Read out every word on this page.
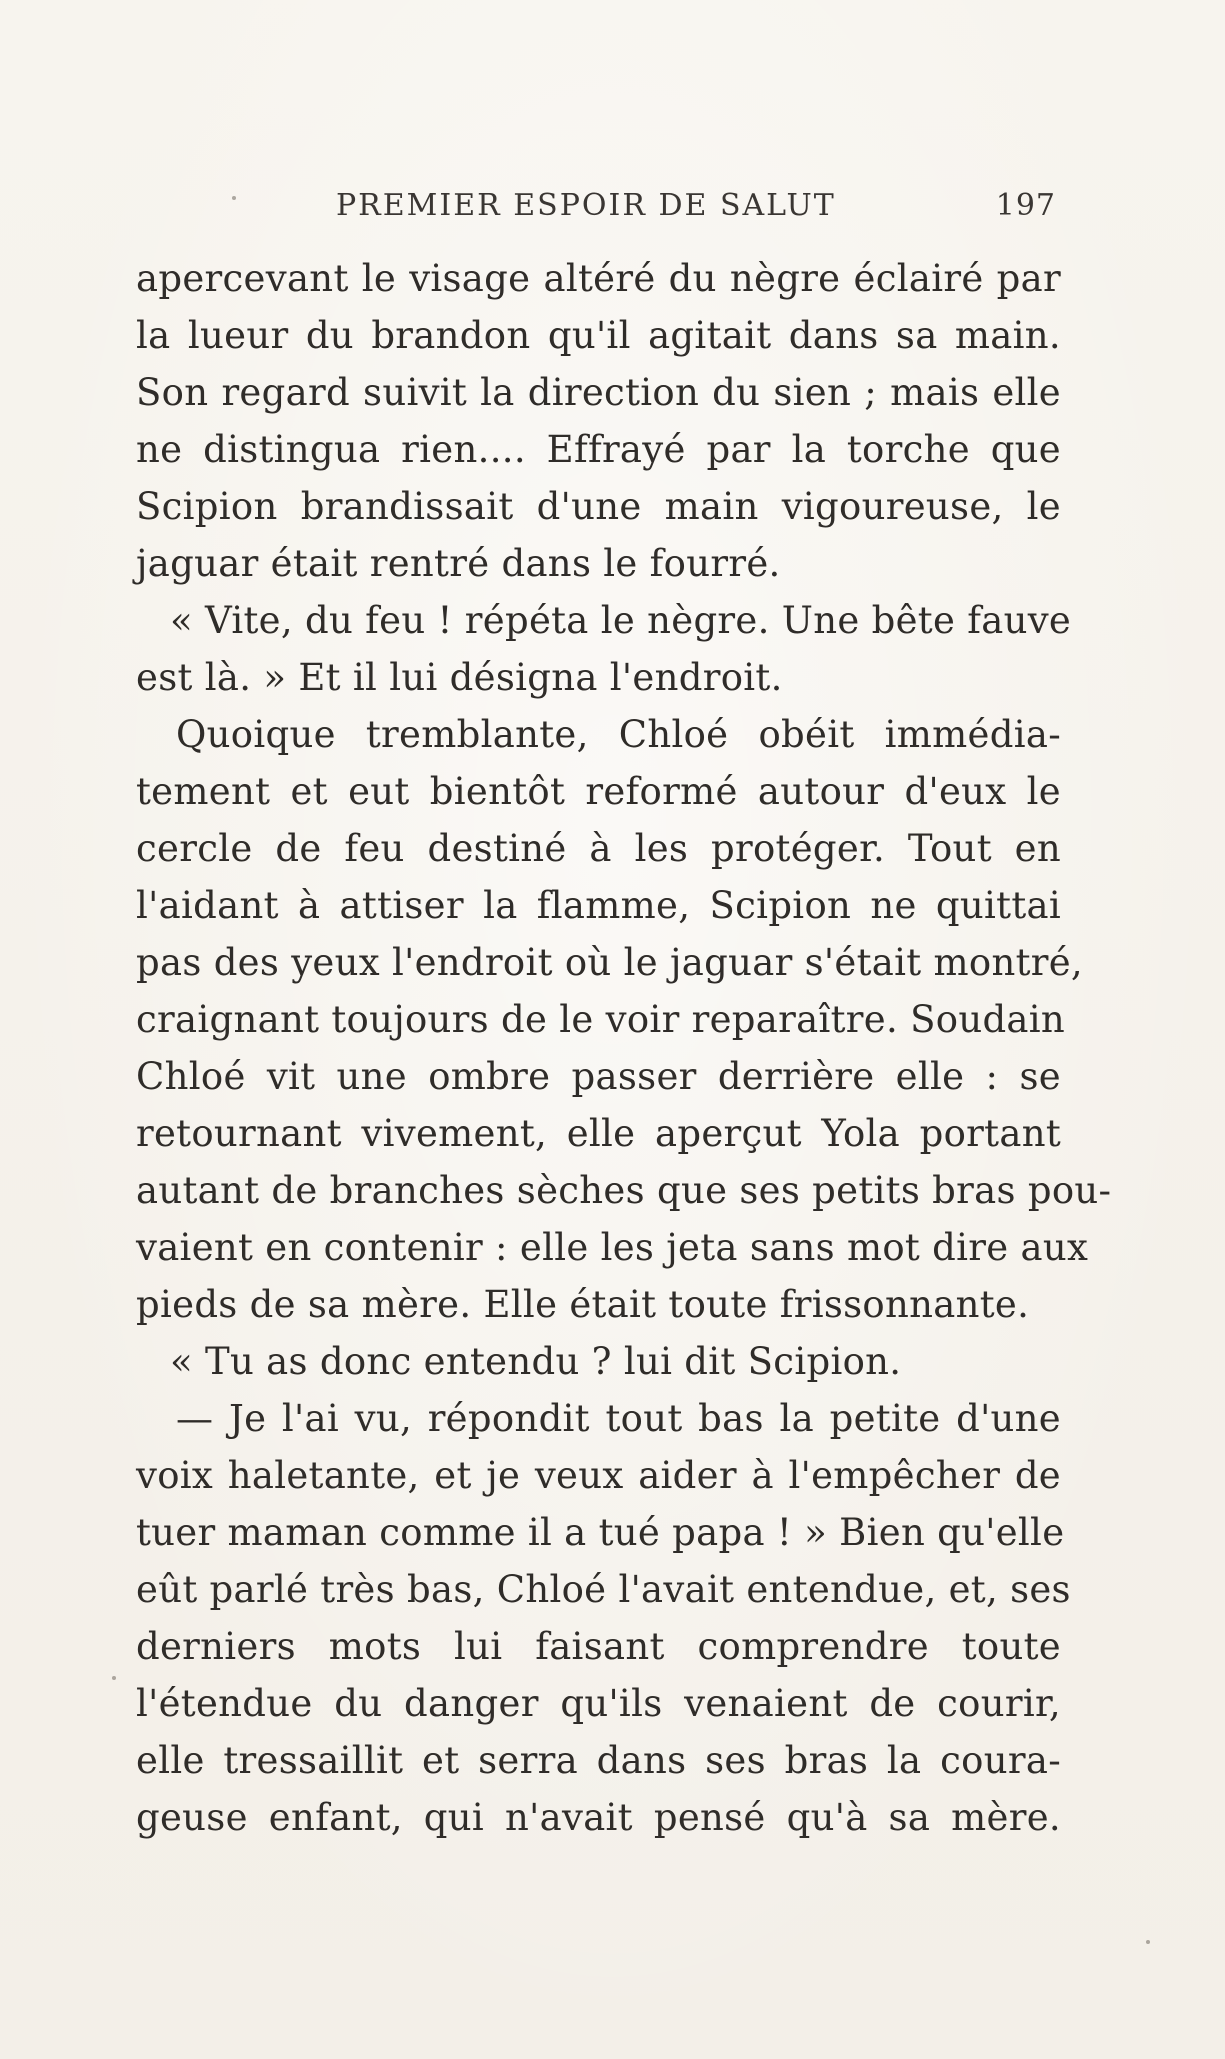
PREMIER ESPOIR DE SALUT	197
apercevant le visage altéré du nègre éclairé par
la lueur du brandon qu'il agitait dans sa main.
Son regard suivit la direction du sien ; mais elle
ne distingua rien.... Effrayé par la torche que
Scipion brandissait d'une main vigoureuse, le
jaguar était rentré dans le fourré.
« Vite, du feu ! répéta le nègre. Une bête fauve
est là. » Et il lui désigna l'endroit.
Quoique tremblante, Chloé obéit immédia-
tement et eut bientôt reformé autour d'eux le
cercle de feu destiné à les protéger. Tout en
l'aidant à attiser la flamme, Scipion ne quittai
pas des yeux l'endroit où le jaguar s'était montré,
craignant toujours de le voir reparaître. Soudain
Chloé vit une ombre passer derrière elle : se
retournant vivement, elle aperçut Yola portant
autant de branches sèches que ses petits bras pou-
vaient en contenir : elle les jeta sans mot dire aux
pieds de sa mère. Elle était toute frissonnante.
« Tu as donc entendu ? lui dit Scipion.
— Je l'ai vu, répondit tout bas la petite d'une
voix haletante, et je veux aider à l'empêcher de
tuer maman comme il a tué papa ! » Bien qu'elle
eût parlé très bas, Chloé l'avait entendue, et, ses
derniers mots lui faisant comprendre toute
l'étendue du danger qu'ils venaient de courir,
elle tressaillit et serra dans ses bras la coura-
geuse enfant, qui n'avait pensé qu'à sa mère.
